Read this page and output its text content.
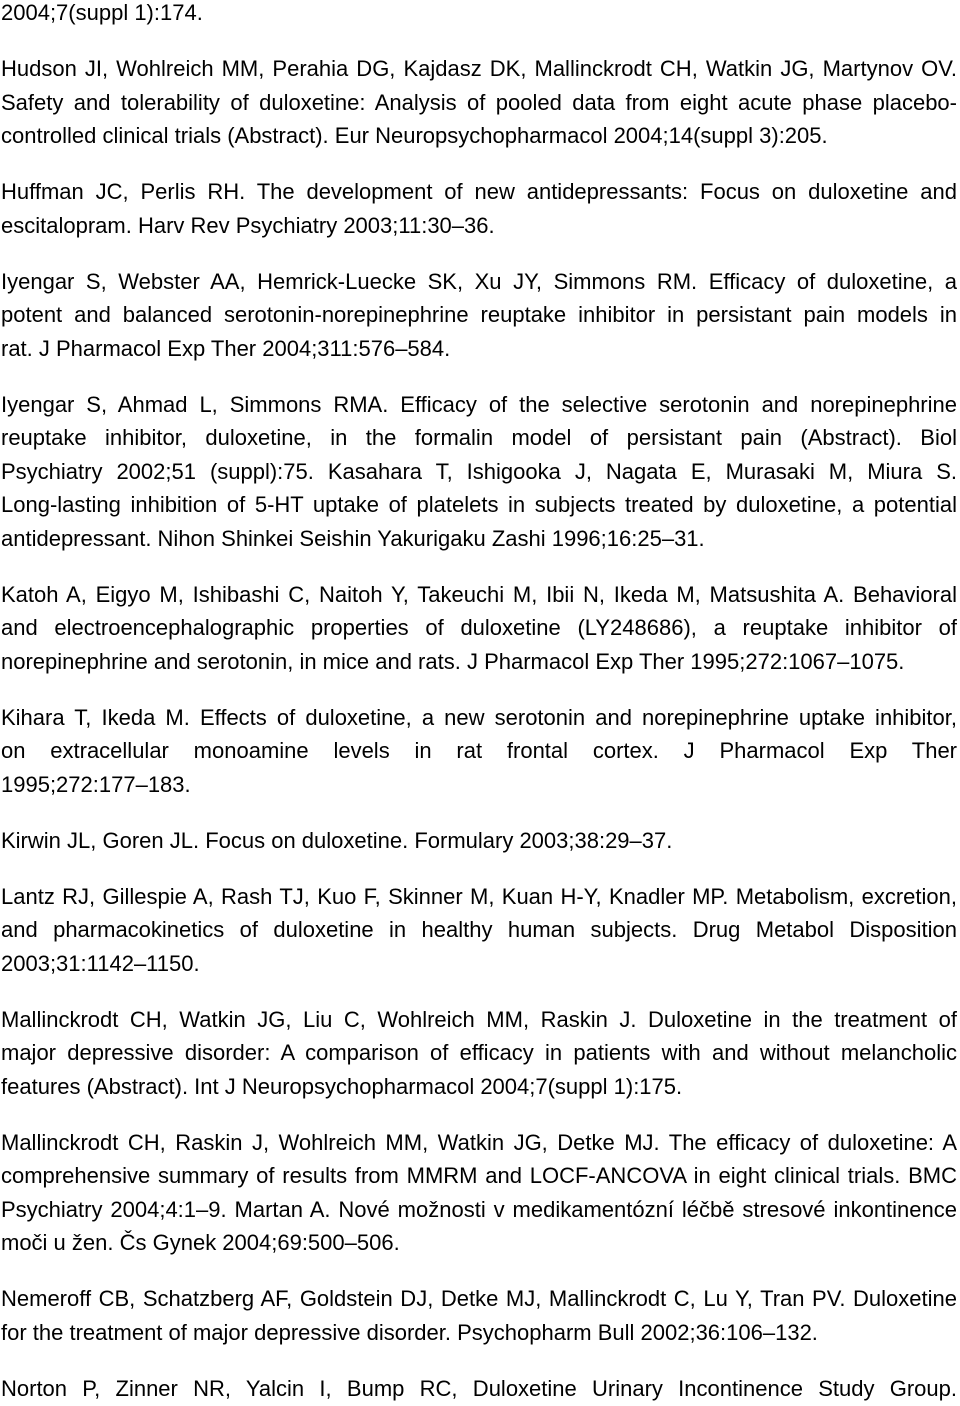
2004;7(suppl 1):174.
Hudson JI, Wohlreich MM, Perahia DG, Kajdasz DK, Mallinckrodt CH, Watkin JG, Martynov OV.
Safety and tolerability of duloxetine: Analysis of pooled data from eight acute phase placebo-
controlled clinical trials (Abstract). Eur Neuropsychopharmacol 2004;14(suppl 3):205.
Huffman JC, Perlis RH. The development of new antidepressants: Focus on duloxetine and
escitalopram. Harv Rev Psychiatry 2003;11:30–36.
Iyengar S, Webster AA, Hemrick-Luecke SK, Xu JY, Simmons RM. Efficacy of duloxetine, a
potent and balanced serotonin-norepinephrine reuptake inhibitor in persistant pain models in
rat. J Pharmacol Exp Ther 2004;311:576–584.
Iyengar S, Ahmad L, Simmons RMA. Efficacy of the selective serotonin and norepinephrine
reuptake inhibitor, duloxetine, in the formalin model of persistant pain (Abstract). Biol
Psychiatry 2002;51 (suppl):75. Kasahara T, Ishigooka J, Nagata E, Murasaki M, Miura S.
Long-lasting inhibition of 5-HT uptake of platelets in subjects treated by duloxetine, a potential
antidepressant. Nihon Shinkei Seishin Yakurigaku Zashi 1996;16:25–31.
Katoh A, Eigyo M, Ishibashi C, Naitoh Y, Takeuchi M, Ibii N, Ikeda M, Matsushita A. Behavioral
and electroencephalographic properties of duloxetine (LY248686), a reuptake inhibitor of
norepinephrine and serotonin, in mice and rats. J Pharmacol Exp Ther 1995;272:1067–1075.
Kihara T, Ikeda M. Effects of duloxetine, a new serotonin and norepinephrine uptake inhibitor,
on extracellular monoamine levels in rat frontal cortex. J Pharmacol Exp Ther
1995;272:177–183.
Kirwin JL, Goren JL. Focus on duloxetine. Formulary 2003;38:29–37.
Lantz RJ, Gillespie A, Rash TJ, Kuo F, Skinner M, Kuan H-Y, Knadler MP. Metabolism, excretion,
and pharmacokinetics of duloxetine in healthy human subjects. Drug Metabol Disposition
2003;31:1142–1150.
Mallinckrodt CH, Watkin JG, Liu C, Wohlreich MM, Raskin J. Duloxetine in the treatment of
major depressive disorder: A comparison of efficacy in patients with and without melancholic
features (Abstract). Int J Neuropsychopharmacol 2004;7(suppl 1):175.
Mallinckrodt CH, Raskin J, Wohlreich MM, Watkin JG, Detke MJ. The efficacy of duloxetine: A
comprehensive summary of results from MMRM and LOCF-ANCOVA in eight clinical trials. BMC
Psychiatry 2004;4:1–9. Martan A. Nové možnosti v medikamentózní léčbě stresové inkontinence
moči u žen. Čs Gynek 2004;69:500–506.
Nemeroff CB, Schatzberg AF, Goldstein DJ, Detke MJ, Mallinckrodt C, Lu Y, Tran PV. Duloxetine
for the treatment of major depressive disorder. Psychopharm Bull 2002;36:106–132.
Norton P, Zinner NR, Yalcin I, Bump RC, Duloxetine Urinary Incontinence Study Group.
